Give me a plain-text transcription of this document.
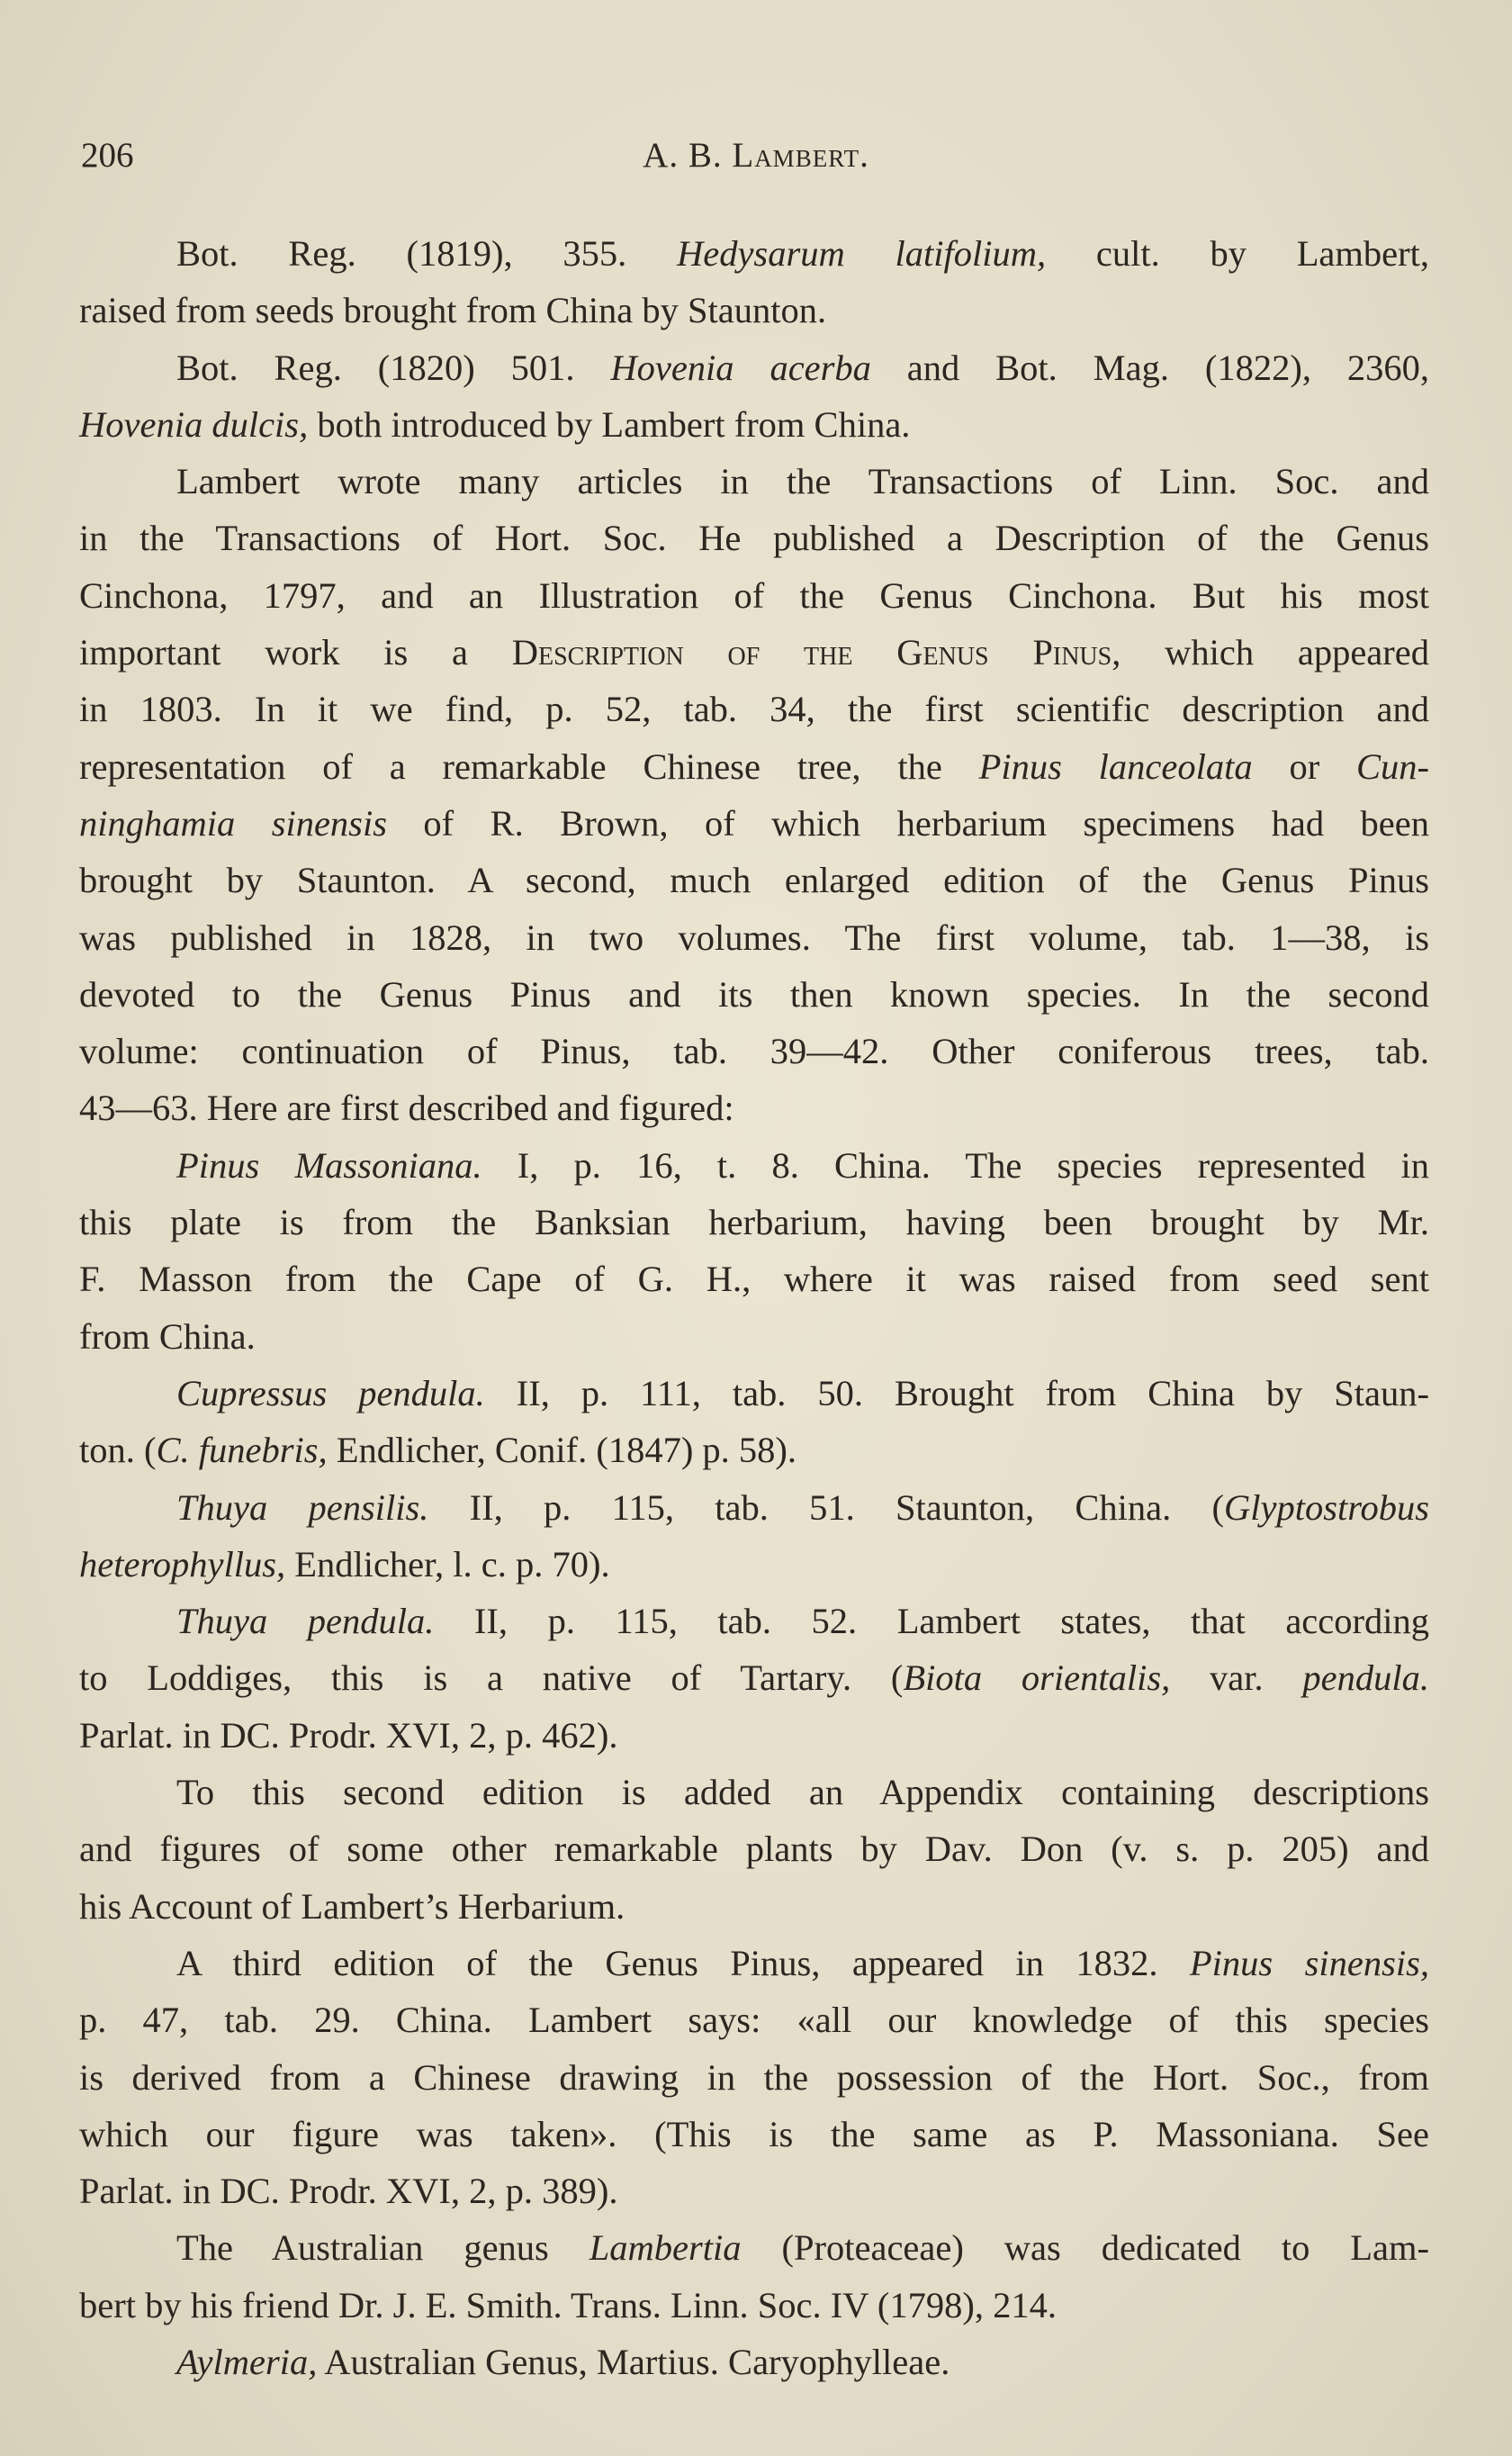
206	A. B. Lambert.
Bot. Reg. (1819), 355. Hedysarum latifolium, cult. by Lambert,
raised from seeds brought from China by Staunton.
Bot. Reg. (1820) 501. Hovenia acerba and Bot. Mag. (1822), 2360,
Hovenia dulcis, both introduced by Lambert from China.
Lambert wrote many articles in the Transactions of Linn. Soc. and
in the Transactions of Hort. Soc. He published a Description of the Genus
Cinchona, 1797, and an Illustration of the Genus Cinchona. But his most
important work is a Description of the Genus Pinus, which appeared
in 1803. In it we find, p. 52, tab. 34, the first scientific description and
representation of a remarkable Chinese tree, the Pinus lanceolata or Cun-
ninghamia sinensis of R. Brown, of which herbarium specimens had been
brought by Staunton. A second, much enlarged edition of the Genus Pinus
was published in 1828, in two volumes. The first volume, tab. 1—38, is
devoted to the Genus Pinus and its then known species. In the second
volume: continuation of Pinus, tab. 39—42. Other coniferous trees, tab.
43—63. Here are first described and figured:
Pinus Massoniana. I, p. 16, t. 8. China. The species represented in
this plate is from the Banksian herbarium, having been brought by Mr.
F. Masson from the Cape of G. H., where it was raised from seed sent
from China.
Cupressus pendula. II, p. 111, tab. 50. Brought from China by Staun-
ton. (C. funebris, Endlicher, Conif. (1847) p. 58).
Thuya pensilis. II, p. 115, tab. 51. Staunton, China. (Glyptostrobus
heterophyllus, Endlicher, l. c. p. 70).
Thuya pendula. II, p. 115, tab. 52. Lambert states, that according
to Loddiges, this is a native of Tartary. (Biota orientalis, var. pendula.
Parlat. in DC. Prodr. XVI, 2, p. 462).
To this second edition is added an Appendix containing descriptions
and figures of some other remarkable plants by Dav. Don (v. s. p. 205) and
his Account of Lambert’s Herbarium.
A third edition of the Genus Pinus, appeared in 1832. Pinus sinensis,
p. 47, tab. 29. China. Lambert says: «all our knowledge of this species
is derived from a Chinese drawing in the possession of the Hort. Soc., from
which our figure was taken». (This is the same as P. Massoniana. See
Parlat. in DC. Prodr. XVI, 2, p. 389).
The Australian genus Lambertia (Proteaceae) was dedicated to Lam-
bert by his friend Dr. J. E. Smith. Trans. Linn. Soc. IV (1798), 214.
Aylmeria, Australian Genus, Martius. Caryophylleae.
